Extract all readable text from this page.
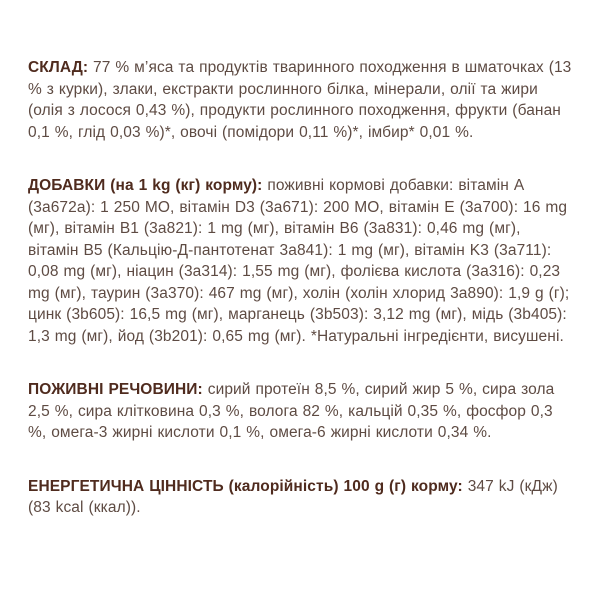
СКЛАД: 77 % м’яса та продуктів тваринного походження в шматочках (13 % з курки), злаки, екстракти рослинного білка, мінерали, олії та жири (олія з лосося 0,43 %), продукти рослинного походження, фрукти (банан 0,1 %, глід 0,03 %)*, овочі (помідори 0,11 %)*, імбир* 0,01 %.

ДОБАВКИ (на 1 kg (кг) корму): поживні кормові добавки: вітамін A (3a672a): 1 250 МО, вітамін D3 (3a671): 200 МО, вітамін E (3a700): 16 mg (мг), вітамін B1 (3a821): 1 mg (мг), вітамін B6 (3a831): 0,46 mg (мг), вітамін B5 (Кальцію-Д-пантотенат 3a841): 1 mg (мг), вітамін K3 (3a711): 0,08 mg (мг), ніацин (3a314): 1,55 mg (мг), фолієва кислота (3a316): 0,23 mg (мг), таурин (3a370): 467 mg (мг), холін (холін хлорид 3a890): 1,9 g (г); цинк (3b605): 16,5 mg (мг), марганець (3b503): 3,12 mg (мг), мідь (3b405): 1,3 mg (мг), йод (3b201): 0,65 mg (мг). *Натуральні інгредієнти, висушені.

ПОЖИВНІ РЕЧОВИНИ: сирий протеїн 8,5 %, сирий жир 5 %, сира зола 2,5 %, сира клітковина 0,3 %, волога 82 %, кальцій 0,35 %, фосфор 0,3 %, омега-3 жирні кислоти 0,1 %, омега-6 жирні кислоти 0,34 %.

ЕНЕРГЕТИЧНА ЦІННІСТЬ (калорійність) 100 g (г) корму: 347 kJ (кДж) (83 kcal (ккал)).
